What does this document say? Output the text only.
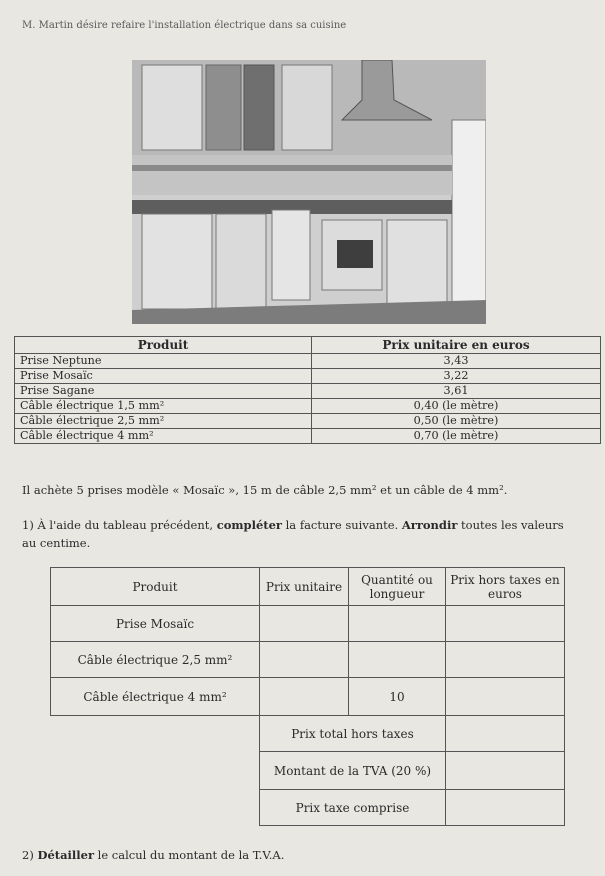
M. Martin désire refaire l'installation électrique dans sa cuisine
Produit	Prix unitaire en euros
Prise Neptune	3,43
Prise Mosaïc	3,22
Prise Sagane	3,61
Câble électrique 1,5 mm²	0,40 (le mètre)
Câble électrique 2,5 mm²	0,50 (le mètre)
Câble électrique 4 mm²	0,70 (le mètre)
Il achète 5 prises modèle « Mosaïc », 15 m de câble 2,5 mm² et un câble de 4 mm².
1) À l'aide du tableau précédent, compléter la facture suivante. Arrondir toutes les valeurs
au centime.
Produit	Prix unitaire	Quantité ou longueur	Prix hors taxes en euros
Prise Mosaïc			
Câble électrique 2,5 mm²			
Câble électrique 4 mm²		10	
	Prix total hors taxes		
	Montant de la TVA (20 %)		
	Prix taxe comprise		
2) Détailler le calcul du montant de la T.V.A.
